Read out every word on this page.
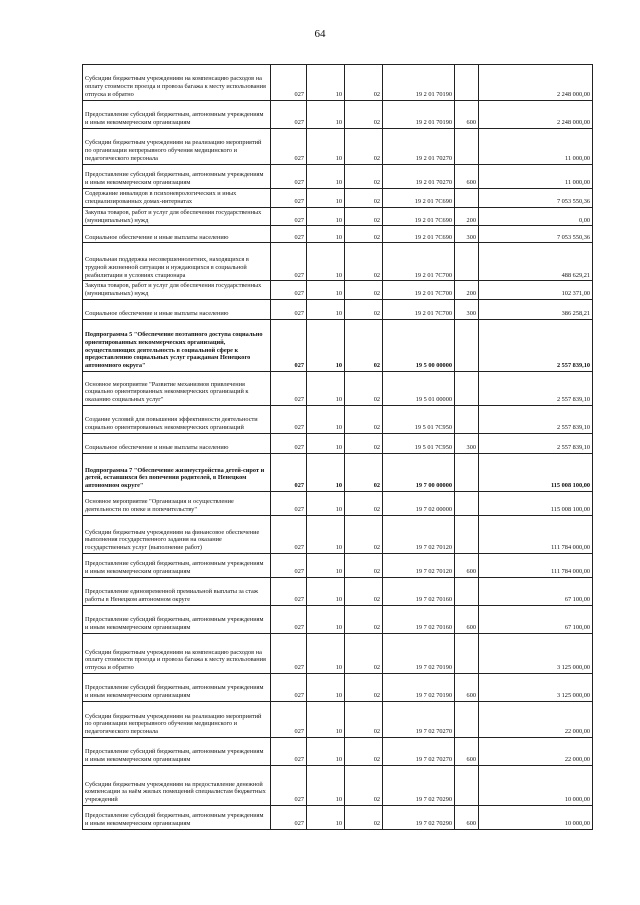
64
Субсидии бюджетным учреждениям на компенсацию расходов на оплату стоимости проезда и провоза багажа к месту использования отпуска и обратно	027	10	02	19 2 01 70190		2 248 000,00
Предоставление субсидий бюджетным, автономным учреждениям и иным некоммерческим организациям	027	10	02	19 2 01 70190	600	2 248 000,00
Субсидии бюджетным учреждениям на реализацию мероприятий по организации непрерывного обучения медицинского и педагогического персонала	027	10	02	19 2 01 70270		11 000,00
Предоставление субсидий бюджетным, автономным учреждениям и иным некоммерческим организациям	027	10	02	19 2 01 70270	600	11 000,00
Содержание инвалидов в психоневрологических и иных специализированных домах-интернатах	027	10	02	19 2 01 7С690		7 053 550,36
Закупка товаров, работ и услуг для обеспечения государственных (муниципальных) нужд	027	10	02	19 2 01 7С690	200	0,00
Социальное обеспечение и иные выплаты населению	027	10	02	19 2 01 7С690	300	7 053 550,36
Социальная поддержка несовершеннолетних, находящихся в трудной жизненной ситуации и нуждающихся в социальной реабилитации в условиях стационара	027	10	02	19 2 01 7С700		488 629,21
Закупка товаров, работ и услуг для обеспечения государственных (муниципальных) нужд	027	10	02	19 2 01 7С700	200	102 371,00
Социальное обеспечение и иные выплаты населению	027	10	02	19 2 01 7С700	300	386 258,21
Подпрограмма 5 "Обеспечение поэтапного доступа социально ориентированных некоммерческих организаций, осуществляющих деятельность в социальной сфере к предоставлению социальных услуг гражданам Ненецкого автономного округа"	027	10	02	19 5 00 00000		2 557 839,10
Основное мероприятие "Развитие механизмов привлечения социально ориентированных некоммерческих организаций к оказанию социальных услуг"	027	10	02	19 5 01 00000		2 557 839,10
Создание условий для повышения эффективности деятельности социально ориентированных некоммерческих организаций	027	10	02	19 5 01 7С950		2 557 839,10
Социальное обеспечение и иные выплаты населению	027	10	02	19 5 01 7С950	300	2 557 839,10
Подпрограмма 7 "Обеспечение жизнеустройства детей-сирот и детей, оставшихся без попечения родителей, в Ненецком автономном округе"	027	10	02	19 7 00 00000		115 008 100,00
Основное мероприятие "Организация и осуществление деятельности по опеке и попечительству"	027	10	02	19 7 02 00000		115 008 100,00
Субсидии бюджетным учреждениям на финансовое обеспечение выполнения государственного задания на оказание государственных услуг (выполнение работ)	027	10	02	19 7 02 70120		111 784 000,00
Предоставление субсидий бюджетным, автономным учреждениям и иным некоммерческим организациям	027	10	02	19 7 02 70120	600	111 784 000,00
Предоставление единовременной премиальной выплаты за стаж работы в Ненецком автономном округе	027	10	02	19 7 02 70160		67 100,00
Предоставление субсидий бюджетным, автономным учреждениям и иным некоммерческим организациям	027	10	02	19 7 02 70160	600	67 100,00
Субсидии бюджетным учреждениям на компенсацию расходов на оплату стоимости проезда и провоза багажа к месту использования отпуска и обратно	027	10	02	19 7 02 70190		3 125 000,00
Предоставление субсидий бюджетным, автономным учреждениям и иным некоммерческим организациям	027	10	02	19 7 02 70190	600	3 125 000,00
Субсидии бюджетным учреждениям на реализацию мероприятий по организации непрерывного обучения медицинского и педагогического персонала	027	10	02	19 7 02 70270		22 000,00
Предоставление субсидий бюджетным, автономным учреждениям и иным некоммерческим организациям	027	10	02	19 7 02 70270	600	22 000,00
Субсидии бюджетным учреждениям на предоставление денежной компенсации за наём жилых помещений специалистам бюджетных учреждений	027	10	02	19 7 02 70290		10 000,00
Предоставление субсидий бюджетным, автономным учреждениям и иным некоммерческим организациям	027	10	02	19 7 02 70290	600	10 000,00
